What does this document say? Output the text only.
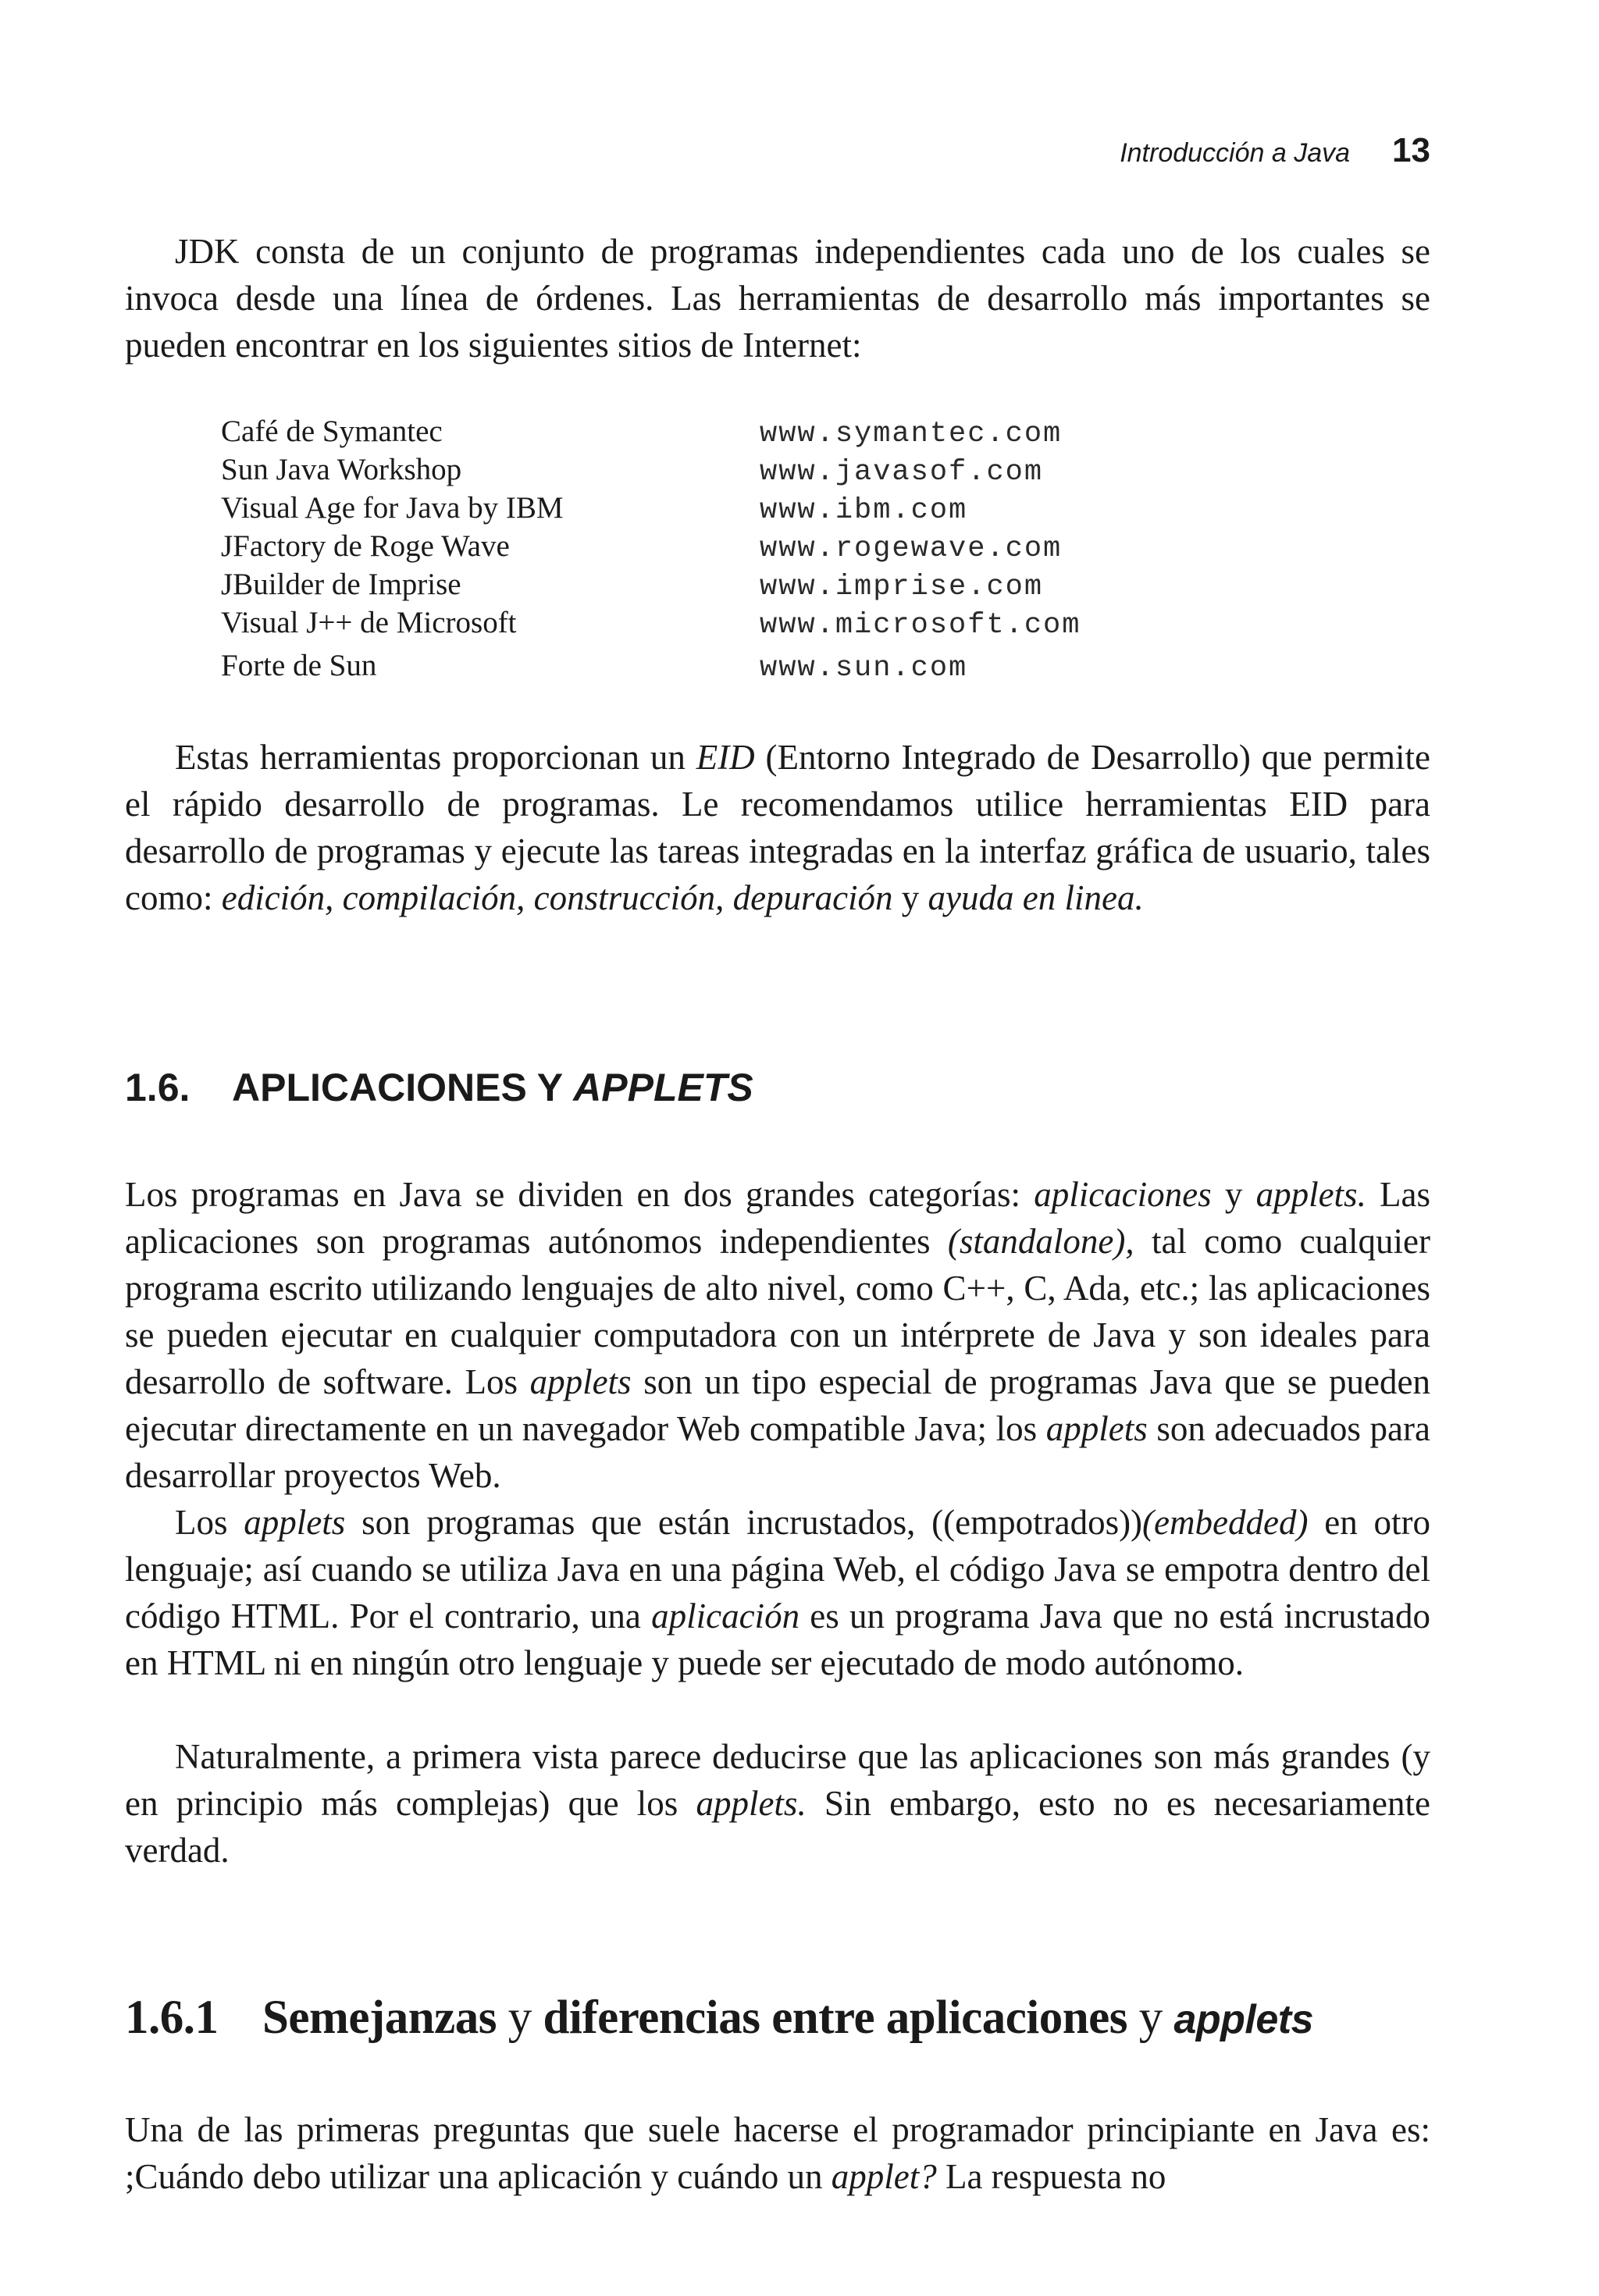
Introducción a Java 13

JDK consta de un conjunto de programas independientes cada uno de los cuales se invoca desde una línea de órdenes. Las herramientas de desarrollo más importantes se pueden encontrar en los siguientes sitios de Internet:

Café de Symantec	www.symantec.com
Sun Java Workshop	www.javasof.com
Visual Age for Java by IBM	www.ibm.com
JFactory de Roge Wave	www.rogewave.com
JBuilder de Imprise	www.imprise.com
Visual J++ de Microsoft	www.microsoft.com
Forte de Sun	www.sun.com

Estas herramientas proporcionan un EID (Entorno Integrado de Desarrollo) que permite el rápido desarrollo de programas. Le recomendamos utilice herramientas EID para desarrollo de programas y ejecute las tareas integradas en la interfaz gráfica de usuario, tales como: edición, compilación, construcción, depuración y ayuda en linea.

1.6. APLICACIONES Y APPLETS

Los programas en Java se dividen en dos grandes categorías: aplicaciones y applets. Las aplicaciones son programas autónomos independientes (standalone), tal como cualquier programa escrito utilizando lenguajes de alto nivel, como C++, C, Ada, etc.; las aplicaciones se pueden ejecutar en cualquier computadora con un intérprete de Java y son ideales para desarrollo de software. Los applets son un tipo especial de programas Java que se pueden ejecutar directamente en un navegador Web compatible Java; los applets son adecuados para desarrollar proyectos Web.

Los applets son programas que están incrustados, ((empotrados))(embedded) en otro lenguaje; así cuando se utiliza Java en una página Web, el código Java se empotra dentro del código HTML. Por el contrario, una aplicación es un programa Java que no está incrustado en HTML ni en ningún otro lenguaje y puede ser ejecutado de modo autónomo.

Naturalmente, a primera vista parece deducirse que las aplicaciones son más grandes (y en principio más complejas) que los applets. Sin embargo, esto no es necesariamente verdad.

1.6.1 Semejanzas y diferencias entre aplicaciones y applets

Una de las primeras preguntas que suele hacerse el programador principiante en Java es: ;Cuándo debo utilizar una aplicación y cuándo un applet? La respuesta no
